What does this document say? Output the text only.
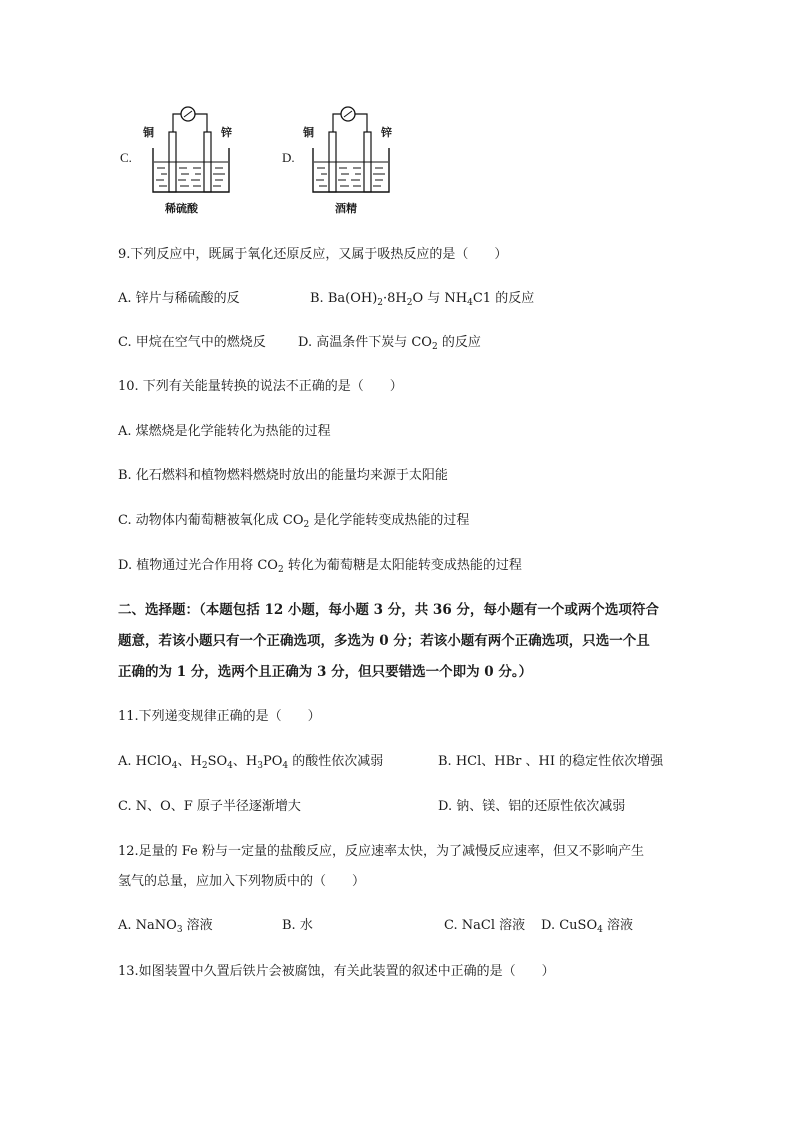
C.
铜	锌
稀硫酸
D.
铜	锌
酒精
9.下列反应中，既属于氧化还原反应，又属于吸热反应的是（　　）
A. 锌片与稀硫酸的反	B. $Ba(OH)_2\cdot 8H_2O$ 与 $NH_4C1$ 的反应
C. 甲烷在空气中的燃烧反 D. 高温条件下炭与 $CO_2$ 的反应
10. 下列有关能量转换的说法不正确的是（　　）
A. 煤燃烧是化学能转化为热能的过程
B. 化石燃料和植物燃料燃烧时放出的能量均来源于太阳能
C. 动物体内葡萄糖被氧化成 $CO_2$ 是化学能转变成热能的过程
D. 植物通过光合作用将 $CO_2$ 转化为葡萄糖是太阳能转变成热能的过程
二、选择题：（本题包括 12 小题，每小题 3 分，共 36 分，每小题有一个或两个选项符合
题意，若该小题只有一个正确选项，多选为 0 分；若该小题有两个正确选项，只选一个且
正确的为 1 分，选两个且正确为 3 分，但只要错选一个即为 0 分。）
11.下列递变规律正确的是（　　）
A. HClO$_4$、$H_2SO_4$、$H_3PO_4$ 的酸性依次减弱	B. HCl、HBr 、HI 的稳定性依次增强
C. N、O、F 原子半径逐渐增大	D. 钠、镁、铝的还原性依次减弱
12.足量的 Fe 粉与一定量的盐酸反应，反应速率太快，为了减慢反应速率，但又不影响产生
氢气的总量，应加入下列物质中的（　　）
A. NaNO$_3$ 溶液	B. 水	C. NaCl 溶液 D. CuSO$_4$ 溶液
13.如图装置中久置后铁片会被腐蚀，有关此装置的叙述中正确的是（　　）
